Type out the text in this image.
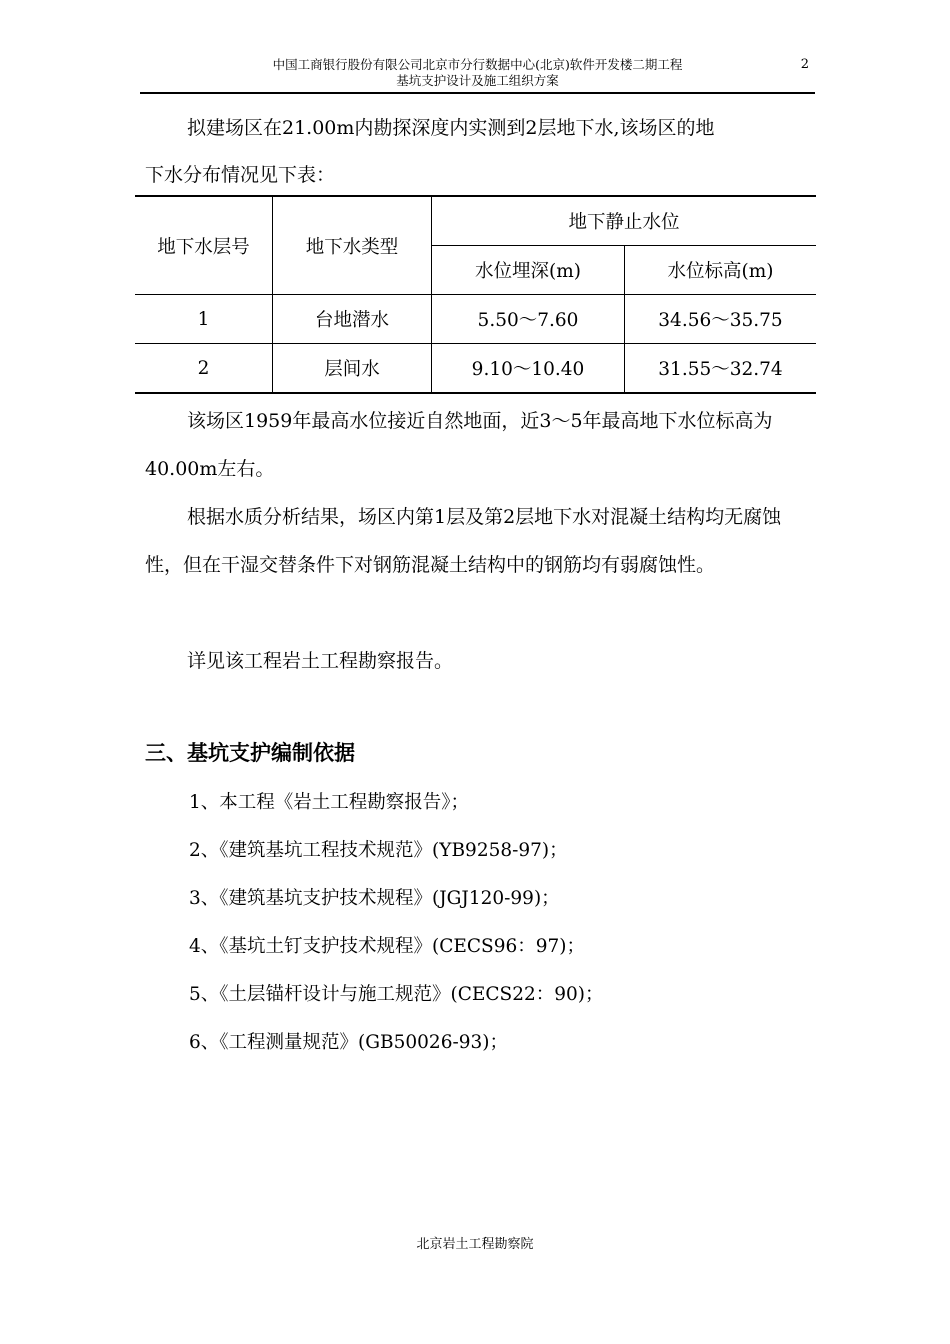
中国工商银行股份有限公司北京市分行数据中心(北京)软件开发楼二期工程
基坑支护设计及施工组织方案
2

拟建场区在21.00m内勘探深度内实测到2层地下水,该场区的地

下水分布情况见下表：

地下水层号	地下水类型	地下静止水位	
		水位埋深(m)	水位标高(m)
1	台地潜水	5.50～7.60	34.56～35.75
2	层间水	9.10～10.40	31.55～32.74

该场区1959年最高水位接近自然地面，近3～5年最高地下水位标高为40.00m左右。

根据水质分析结果，场区内第1层及第2层地下水对混凝土结构均无腐蚀性，但在干湿交替条件下对钢筋混凝土结构中的钢筋均有弱腐蚀性。

详见该工程岩土工程勘察报告。

三、基坑支护编制依据

1、本工程《岩土工程勘察报告》；

2、《建筑基坑工程技术规范》(YB9258-97)；

3、《建筑基坑支护技术规程》(JGJ120-99)；

4、《基坑土钉支护技术规程》(CECS96：97)；

5、《土层锚杆设计与施工规范》(CECS22：90)；

6、《工程测量规范》(GB50026-93)；

北京岩土工程勘察院
